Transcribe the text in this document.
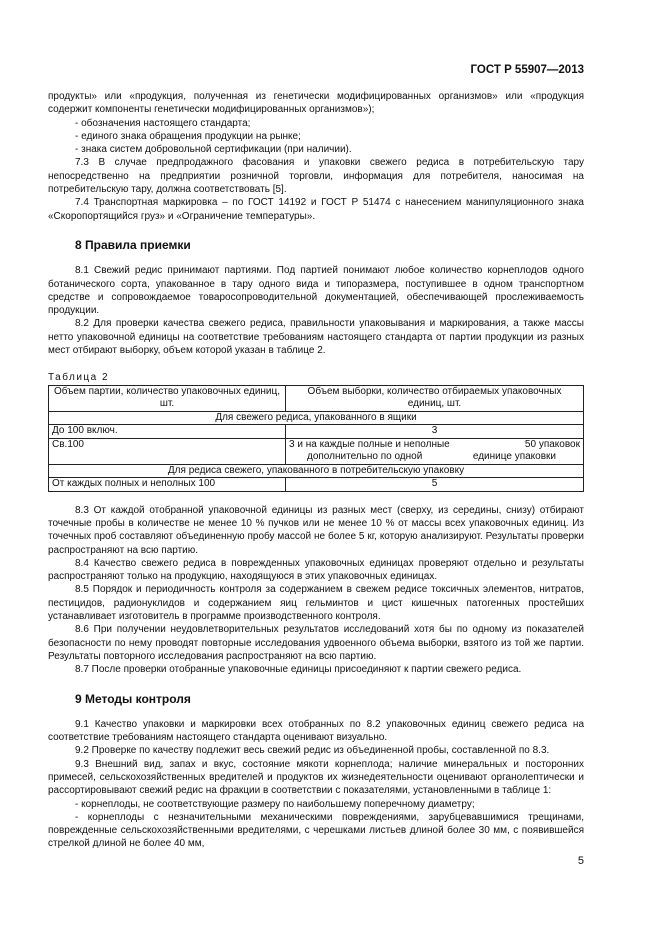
ГОСТ Р 55907—2013

продукты» или «продукция, полученная из генетически модифицированных организмов» или «продукция содержит компоненты генетически модифицированных организмов»);

- обозначения настоящего стандарта;

- единого знака обращения продукции на рынке;

- знака систем добровольной сертификации (при наличии).

7.3 В случае предпродажного фасования и упаковки свежего редиса в потребительскую тару непосредственно на предприятии розничной торговли, информация для потребителя, наносимая на потребительскую тару, должна соответствовать [5].

7.4 Транспортная маркировка – по ГОСТ 14192 и ГОСТ Р 51474 с нанесением манипуляционного знака «Скоропортящийся груз» и «Ограничение температуры».

8 Правила приемки

8.1 Свежий редис принимают партиями. Под партией понимают любое количество корнеплодов одного ботанического сорта, упакованное в тару одного вида и типоразмера, поступившее в одном транспортном средстве и сопровождаемое товаросопроводительной документацией, обеспечивающей прослеживаемость продукции.

8.2 Для проверки качества свежего редиса, правильности упаковывания и маркирования, а также массы нетто упаковочной единицы на соответствие требованиям настоящего стандарта от партии продукции из разных мест отбирают выборку, объем которой указан в таблице 2.

Таблица 2
Объем партии, количество упаковочных единиц, шт.	Объем выборки, количество отбираемых упаковочных единиц, шт.
Для свежего редиса, упакованного в ящики	
До 100 включ.	3
Св.100	3 и на каждые полные и неполные 50 упаковок
дополнительно по одной единице упаковки

Для редиса свежего, упакованного в потребительскую упаковку	
От каждых полных и неполных 100	5

8.3 От каждой отобранной упаковочной единицы из разных мест (сверху, из середины, снизу) отбирают точечные пробы в количестве не менее 10 % пучков или не менее 10 % от массы всех упаковочных единиц. Из точечных проб составляют объединенную пробу массой не более 5 кг, которую анализируют. Результаты проверки распространяют на всю партию.

8.4 Качество свежего редиса в поврежденных упаковочных единицах проверяют отдельно и результаты распространяют только на продукцию, находящуюся в этих упаковочных единицах.

8.5 Порядок и периодичность контроля за содержанием в свежем редисе токсичных элементов, нитратов, пестицидов, радионуклидов и содержанием яиц гельминтов и цист кишечных патогенных простейших устанавливает изготовитель в программе производственного контроля.

8.6 При получении неудовлетворительных результатов исследований хотя бы по одному из показателей безопасности по нему проводят повторные исследования удвоенного объема выборки, взятого из той же партии. Результаты повторного исследования распространяют на всю партию.

8.7 После проверки отобранные упаковочные единицы присоединяют к партии свежего редиса.

9 Методы контроля

9.1 Качество упаковки и маркировки всех отобранных по 8.2 упаковочных единиц свежего редиса на соответствие требованиям настоящего стандарта оценивают визуально.

9.2 Проверке по качеству подлежит весь свежий редис из объединенной пробы, составленной по 8.3.

9.3 Внешний вид, запах и вкус, состояние мякоти корнеплода; наличие минеральных и посторонних примесей, сельскохозяйственных вредителей и продуктов их жизнедеятельности оценивают органолептически и рассортировывают свежий редис на фракции в соответствии с показателями, установленными в таблице 1:

- корнеплоды, не соответствующие размеру по наибольшему поперечному диаметру;

- корнеплоды с незначительными механическими повреждениями, зарубцевавшимися трещинами, поврежденные сельскохозяйственными вредителями, с черешками листьев длиной более 30 мм, с появившейся стрелкой длиной не более 40 мм,

5
